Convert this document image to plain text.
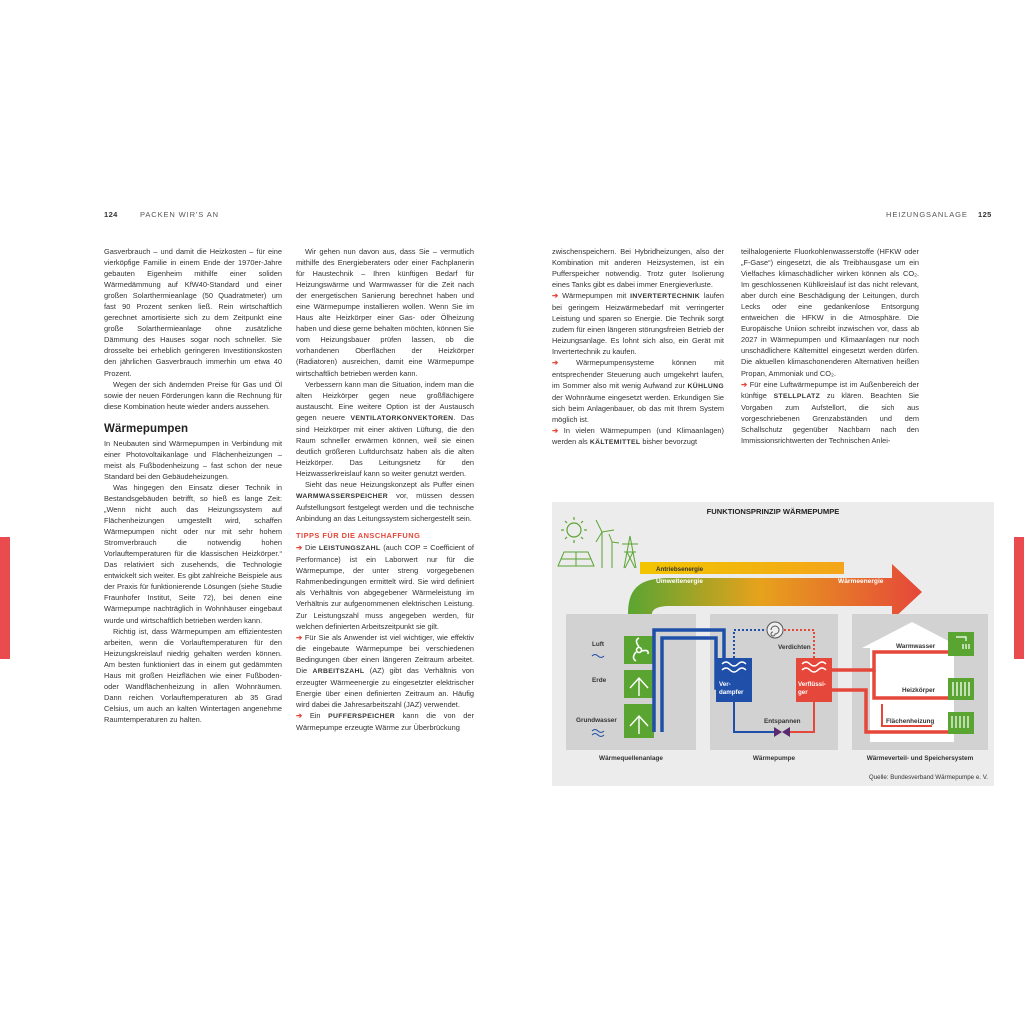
124	PACKEN WIR'S AN	HEIZUNGSANLAGE 125

Gasverbrauch – und damit die Heizkosten – für eine vierköpfige Familie in einem Ende der 1970er-Jahre gebauten Eigenheim mithilfe einer soliden Wärmedämmung auf KfW40-Standard und einer großen Solarthermieanlage (50 Quadratmeter) um fast 90 Prozent senken ließ. Rein wirtschaftlich gerechnet amortisierte sich zu dem Zeitpunkt eine große Solarthermieanlage ohne zusätzliche Dämmung des Hauses sogar noch schneller. Sie drosselte bei erheblich geringeren Investitionskosten den jährlichen Gasverbrauch immerhin um etwa 40 Prozent.

Wegen der sich ändernden Preise für Gas und Öl sowie der neuen Förderungen kann die Rechnung für diese Kombination heute wieder anders aussehen.

Wärmepumpen

In Neubauten sind Wärmepumpen in Verbindung mit einer Photovoltaikanlage und Flächenheizungen – meist als Fußbodenheizung – fast schon der neue Standard bei den Gebäudeheizungen.

Was hingegen den Einsatz dieser Technik in Bestandsgebäuden betrifft, so hieß es lange Zeit: „Wenn nicht auch das Heizungssystem auf Flächenheizungen umgestellt wird, schaffen Wärmepumpen nicht oder nur mit sehr hohem Stromverbrauch die notwendig hohen Vorlauftemperaturen für die klassischen Heizkörper.“ Das relativiert sich zusehends, die Technologie entwickelt sich weiter. Es gibt zahlreiche Beispiele aus der Praxis für funktionierende Lösungen (siehe Studie Fraunhofer Institut, Seite 72), bei denen eine Wärmepumpe nachträglich in Wohnhäuser eingebaut wurde und wirtschaftlich betrieben werden kann.

Richtig ist, dass Wärmepumpen am effizientesten arbeiten, wenn die Vorlauftemperaturen für den Heizungskreislauf niedrig gehalten werden können. Am besten funktioniert das in einem gut gedämmten Haus mit großen Heizflächen wie einer Fußboden- oder Wandflächenheizung in allen Wohnräumen. Dann reichen Vorlauftemperaturen ab 35 Grad Celsius, um auch an kalten Wintertagen angenehme Raumtemperaturen zu halten.

Wir gehen nun davon aus, dass Sie – vermutlich mithilfe des Energieberaters oder einer Fachplanerin für Haustechnik – Ihren künftigen Bedarf für Heizungswärme und Warmwasser für die Zeit nach der energetischen Sanierung berechnet haben und eine Wärmepumpe installieren wollen. Wenn Sie im Haus alte Heizkörper einer Gas- oder Ölheizung haben und diese gerne behalten möchten, können Sie vom Heizungsbauer prüfen lassen, ob die vorhandenen Oberflächen der Heizkörper (Radiatoren) ausreichen, damit eine Wärmepumpe wirtschaftlich betrieben werden kann.

Verbessern kann man die Situation, indem man die alten Heizkörper gegen neue großflächigere austauscht. Eine weitere Option ist der Austausch gegen neuere VENTILATORKONVEKTOREN. Das sind Heizkörper mit einer aktiven Lüftung, die den Raum schneller erwärmen können, weil sie einen deutlich größeren Luftdurchsatz haben als die alten Heizkörper. Das Leitungsnetz für den Heizwasserkreislauf kann so weiter genutzt werden.

Sieht das neue Heizungskonzept als Puffer einen WARMWASSERSPEICHER vor, müssen dessen Aufstellungsort festgelegt werden und die technische Anbindung an das Leitungssystem sichergestellt sein.

TIPPS FÜR DIE ANSCHAFFUNG

➔ Die LEISTUNGSZAHL (auch COP = Coefficient of Performance) ist ein Laborwert nur für die Wärmepumpe, der unter streng vorgegebenen Rahmenbedingungen ermittelt wird. Sie wird definiert als Verhältnis von abgegebener Wärmeleistung im Verhältnis zur aufgenommenen elektrischen Leistung. Zur Leistungszahl muss angegeben werden, für welchen definierten Arbeitszeitpunkt sie gilt.

➔ Für Sie als Anwender ist viel wichtiger, wie effektiv die eingebaute Wärmepumpe bei verschiedenen Bedingungen über einen längeren Zeitraum arbeitet. Die ARBEITSZAHL (AZ) gibt das Verhältnis von erzeugter Wärmeenergie zu eingesetzter elektrischer Energie über einen definierten Zeitraum an. Häufig wird dabei die Jahresarbeitszahl (JAZ) verwendet.

➔ Ein PUFFERSPEICHER kann die von der Wärmepumpe erzeugte Wärme zur Überbrückung

zwischenspeichern. Bei Hybridheizungen, also der Kombination mit anderen Heizsystemen, ist ein Pufferspeicher notwendig. Trotz guter Isolierung eines Tanks gibt es dabei immer Energieverluste.

➔ Wärmepumpen mit INVERTERTECHNIK laufen bei geringem Heizwärmebedarf mit verringerter Leistung und sparen so Energie. Die Technik sorgt zudem für einen längeren störungsfreien Betrieb der Heizungsanlage. Es lohnt sich also, ein Gerät mit Invertertechnik zu kaufen.

➔ Wärmepumpensysteme können mit entsprechender Steuerung auch umgekehrt laufen, im Sommer also mit wenig Aufwand zur KÜHLUNG der Wohnräume eingesetzt werden. Erkundigen Sie sich beim Anlagenbauer, ob das mit Ihrem System möglich ist.

➔ In vielen Wärmepumpen (und Klimaanlagen) werden als KÄLTEMITTEL bisher bevorzugt

teilhalogenierte Fluorkohlenwasserstoffe (HFKW oder „F-Gase“) eingesetzt, die als Treibhausgase um ein Vielfaches klimaschädlicher wirken können als CO₂. Im geschlossenen Kühlkreislauf ist das nicht relevant, aber durch eine Beschädigung der Leitungen, durch Lecks oder eine gedankenlose Entsorgung entweichen die HFKW in die Atmosphäre. Die Europäische Uniion schreibt inzwischen vor, dass ab 2027 in Wärmepumpen und Klimaanlagen nur noch unschädlichere Kältemittel eingesetzt werden dürfen. Die aktuellen klimaschonenderen Alternativen heißen Propan, Ammoniak und CO₂.

➔ Für eine Luftwärmepumpe ist im Außenbereich der künftige STELLPLATZ zu klären. Beachten Sie Vorgaben zum Aufstellort, die sich aus vorgeschriebenen Grenzabständen und dem Schallschutz gegenüber Nachbarn nach den Immissionsrichtwerten der Technischen Anlei-

FUNKTIONSPRINZIP WÄRMEPUMPE
Antriebsenergie
Umweltenergie	Wärmeenergie
Luft
Erde
Grundwasser
Ver-
dampfer
Verflüssi-
ger
Verdichten
Entspannen
Warmwasser
Heizkörper
Flächenheizung
Wärmequellenanlage	Wärmepumpe	Wärmeverteil- und Speichersystem
Quelle: Bundesverband Wärmepumpe e. V.
